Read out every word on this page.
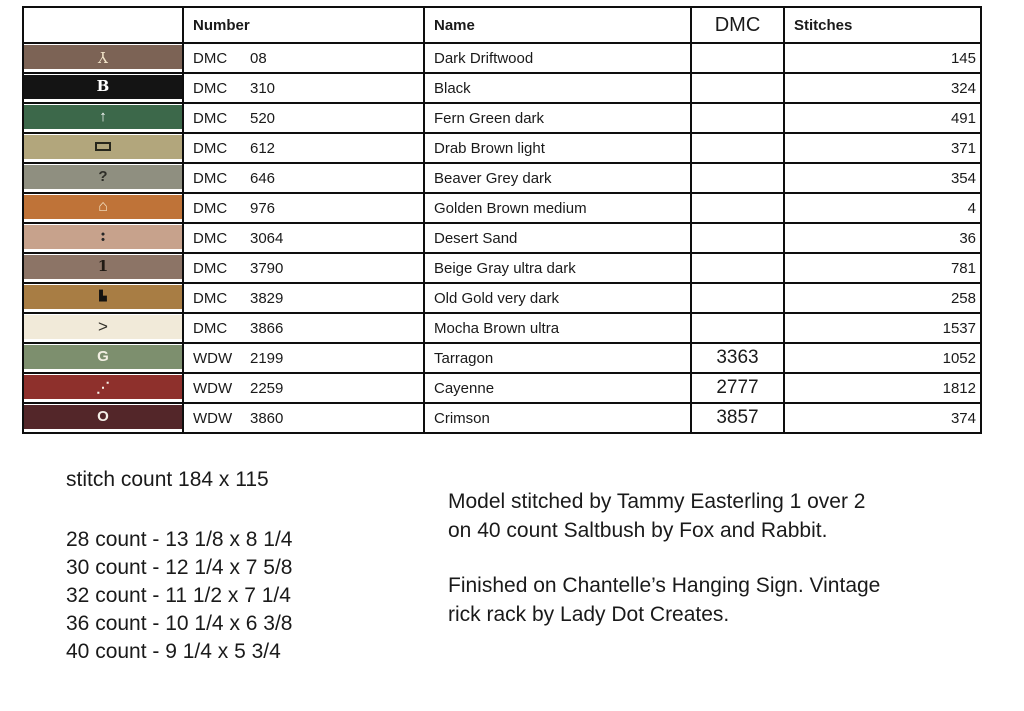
	Number	Name	DMC	Stitches

Y	DMC 08	Dark Driftwood		145

B	DMC 310	Black		324

↑	DMC 520	Fern Green dark		491

	DMC 612	Drab Brown light		371

?	DMC 646	Beaver Grey dark		354

⌂	DMC 976	Golden Brown medium		4

:	DMC 3064	Desert Sand		36

1	DMC 3790	Beige Gray ultra dark		781

▙	DMC 3829	Old Gold very dark		258

>	DMC 3866	Mocha Brown ultra		1537

G	WDW 2199	Tarragon	3363	1052

⋰	WDW 2259	Cayenne	2777	1812

O	WDW 3860	Crimson	3857	374
stitch count 184 x 115
28 count - 13 1/8 x 8 1/4
30 count - 12 1/4 x 7 5/8
32 count - 11 1/2 x 7 1/4
36 count - 10 1/4 x 6 3/8
40 count - 9 1/4 x 5 3/4
Model stitched by Tammy Easterling 1 over 2
on 40 count Saltbush by Fox and Rabbit.
Finished on Chantelle’s Hanging Sign. Vintage
rick rack by Lady Dot Creates.
